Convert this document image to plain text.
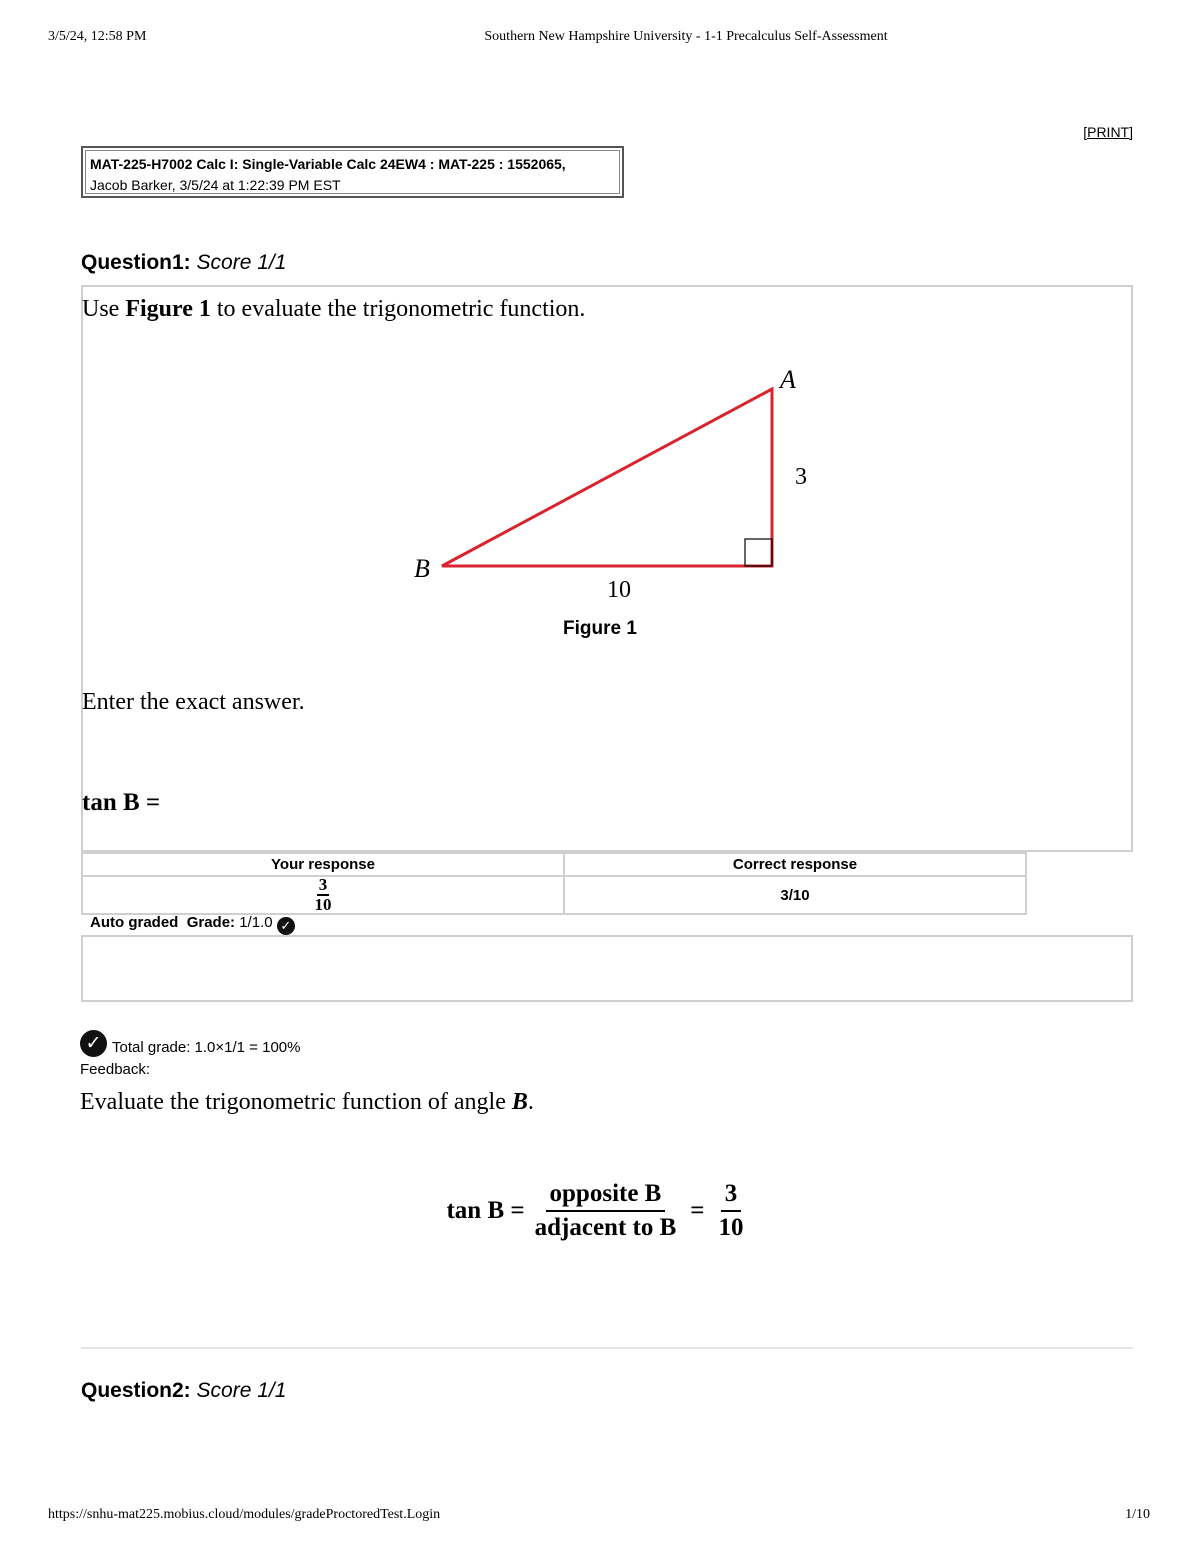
3/5/24, 12:58 PM	Southern New Hampshire University - 1-1 Precalculus Self-Assessment
[PRINT]
MAT-225-H7002 Calc I: Single-Variable Calc 24EW4 : MAT-225 : 1552065,
Jacob Barker, 3/5/24 at 1:22:39 PM EST
Question1: Score 1/1
Use Figure 1 to evaluate the trigonometric function.
A
B
3
10
Figure 1
Enter the exact answer.
tan B =
Your response	Correct response

$\frac{3}{10}$	3/10
Auto graded Grade: 1/1.0 ✓
✓ Total grade: 1.0×1/1 = 100%
Feedback:
Evaluate the trigonometric function of angle B.
tan B =
opposite B
adjacent to B
= $\frac{3}{10}$
Question2: Score 1/1
https://snhu-mat225.mobius.cloud/modules/gradeProctoredTest.Login	1/10
